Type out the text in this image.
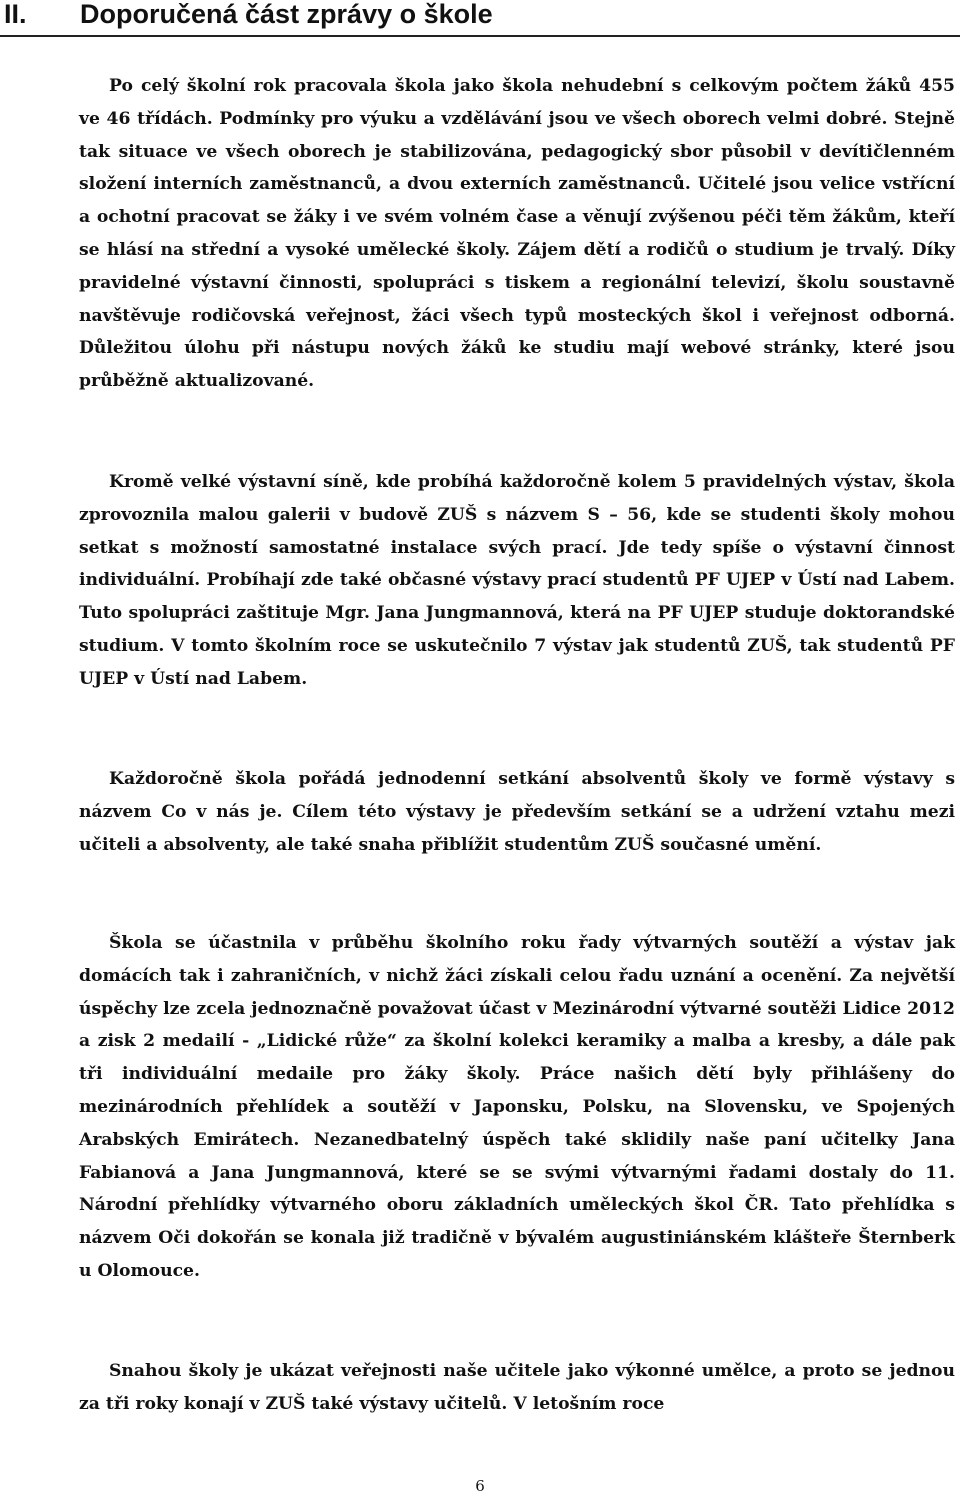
II. Doporučená část zprávy o škole

Po celý školní rok pracovala škola jako škola nehudební s celkovým počtem žáků 455 ve 46 třídách. Podmínky pro výuku a vzdělávání jsou ve všech oborech velmi dobré. Stejně tak situace ve všech oborech je stabilizována, pedagogický sbor působil v devítičlenném složení interních zaměstnanců, a dvou externích zaměstnanců. Učitelé jsou velice vstřícní a ochotní pracovat se žáky i ve svém volném čase a věnují zvýšenou péči těm žákům, kteří se hlásí na střední a vysoké umělecké školy. Zájem dětí a rodičů o studium je trvalý. Díky pravidelné výstavní činnosti, spolupráci s tiskem a regionální televizí, školu soustavně navštěvuje rodičovská veřejnost, žáci všech typů mosteckých škol i veřejnost odborná. Důležitou úlohu při nástupu nových žáků ke studiu mají webové stránky, které jsou průběžně aktualizované.

Kromě velké výstavní síně, kde probíhá každoročně kolem 5 pravidelných výstav, škola zprovoznila malou galerii v budově ZUŠ s názvem S – 56, kde se studenti školy mohou setkat s možností samostatné instalace svých prací. Jde tedy spíše o výstavní činnost individuální. Probíhají zde také občasné výstavy prací studentů PF UJEP v Ústí nad Labem. Tuto spolupráci zaštituje Mgr. Jana Jungmannová, která na PF UJEP studuje doktorandské studium. V tomto školním roce se uskutečnilo 7 výstav jak studentů ZUŠ, tak studentů PF UJEP v Ústí nad Labem.

Každoročně škola pořádá jednodenní setkání absolventů školy ve formě výstavy s názvem Co v nás je. Cílem této výstavy je především setkání se a udržení vztahu mezi učiteli a absolventy, ale také snaha přiblížit studentům ZUŠ současné umění.

Škola se účastnila v průběhu školního roku řady výtvarných soutěží a výstav jak domácích tak i zahraničních, v nichž žáci získali celou řadu uznání a ocenění. Za největší úspěchy lze zcela jednoznačně považovat účast v Mezinárodní výtvarné soutěži Lidice 2012 a zisk 2 medailí - „Lidické růže“ za školní kolekci keramiky a malba a kresby, a dále pak tři individuální medaile pro žáky školy. Práce našich dětí byly přihlášeny do mezinárodních přehlídek a soutěží v Japonsku, Polsku, na Slovensku, ve Spojených Arabských Emirátech. Nezanedbatelný úspěch také sklidily naše paní učitelky Jana Fabianová a Jana Jungmannová, které se se svými výtvarnými řadami dostaly do 11. Národní přehlídky výtvarného oboru základních uměleckých škol ČR. Tato přehlídka s názvem Oči dokořán se konala již tradičně v bývalém augustiniánském klášteře Šternberk u Olomouce.

Snahou školy je ukázat veřejnosti naše učitele jako výkonné umělce, a proto se jednou za tři roky konají v ZUŠ také výstavy učitelů. V letošním roce

6
